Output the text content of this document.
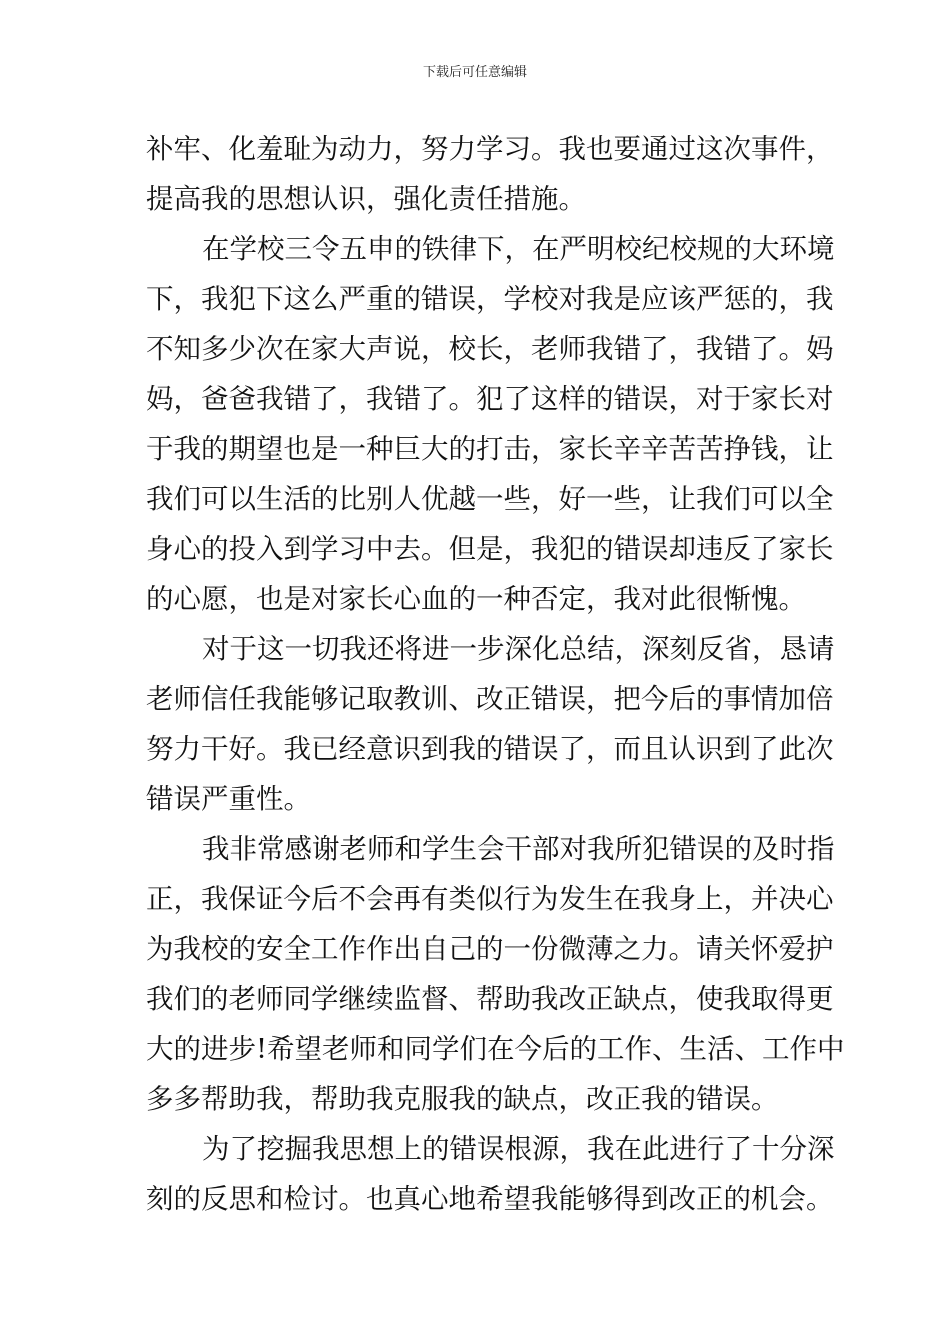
下载后可任意编辑
补牢、化羞耻为动力，努力学习。我也要通过这次事件，
提高我的思想认识，强化责任措施。
在学校三令五申的铁律下，在严明校纪校规的大环境
下，我犯下这么严重的错误，学校对我是应该严惩的，我
不知多少次在家大声说，校长，老师我错了，我错了。妈
妈，爸爸我错了，我错了。犯了这样的错误，对于家长对
于我的期望也是一种巨大的打击，家长辛辛苦苦挣钱，让
我们可以生活的比别人优越一些，好一些，让我们可以全
身心的投入到学习中去。但是，我犯的错误却违反了家长
的心愿，也是对家长心血的一种否定，我对此很惭愧。
对于这一切我还将进一步深化总结，深刻反省，恳请
老师信任我能够记取教训、改正错误，把今后的事情加倍
努力干好。我已经意识到我的错误了，而且认识到了此次
错误严重性。
我非常感谢老师和学生会干部对我所犯错误的及时指
正，我保证今后不会再有类似行为发生在我身上，并决心
为我校的安全工作作出自己的一份微薄之力。请关怀爱护
我们的老师同学继续监督、帮助我改正缺点，使我取得更
大的进步!希望老师和同学们在今后的工作、生活、工作中
多多帮助我，帮助我克服我的缺点，改正我的错误。
为了挖掘我思想上的错误根源，我在此进行了十分深
刻的反思和检讨。也真心地希望我能够得到改正的机会。
